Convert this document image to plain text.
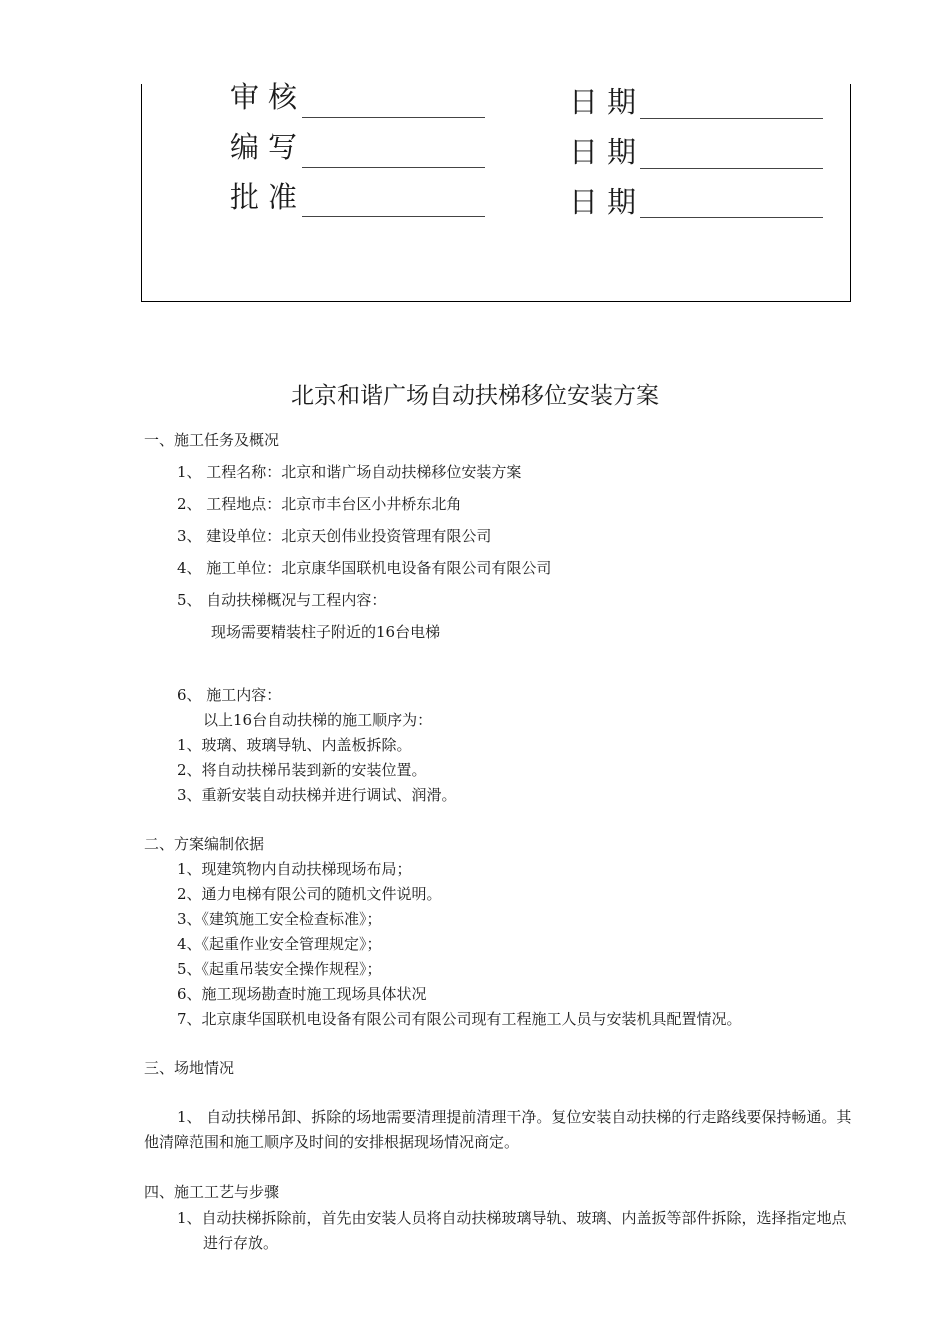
审核	日期
编写	日期
批准	日期
北京和谐广场自动扶梯移位安装方案
一、施工任务及概况
1、 工程名称：北京和谐广场自动扶梯移位安装方案
2、 工程地点：北京市丰台区小井桥东北角
3、 建设单位：北京天创伟业投资管理有限公司
4、 施工单位：北京康华国联机电设备有限公司有限公司
5、 自动扶梯概况与工程内容：
现场需要精装柱子附近的16台电梯
6、 施工内容：
以上16台自动扶梯的施工顺序为：
1、玻璃、玻璃导轨、内盖板拆除。
2、将自动扶梯吊装到新的安装位置。
3、重新安装自动扶梯并进行调试、润滑。
二、方案编制依据
1、现建筑物内自动扶梯现场布局；
2、通力电梯有限公司的随机文件说明。
3、《建筑施工安全检查标准》；
4、《起重作业安全管理规定》；
5、《起重吊装安全操作规程》；
6、施工现场勘查时施工现场具体状况
7、北京康华国联机电设备有限公司有限公司现有工程施工人员与安装机具配置情况。
三、场地情况
1、 自动扶梯吊卸、拆除的场地需要清理提前清理干净。复位安装自动扶梯的行走路线要保持畅通。其他清障范围和施工顺序及时间的安排根据现场情况商定。
四、施工工艺与步骤
1、自动扶梯拆除前，首先由安装人员将自动扶梯玻璃导轨、玻璃、内盖扳等部件拆除，选择指定地点进行存放。
